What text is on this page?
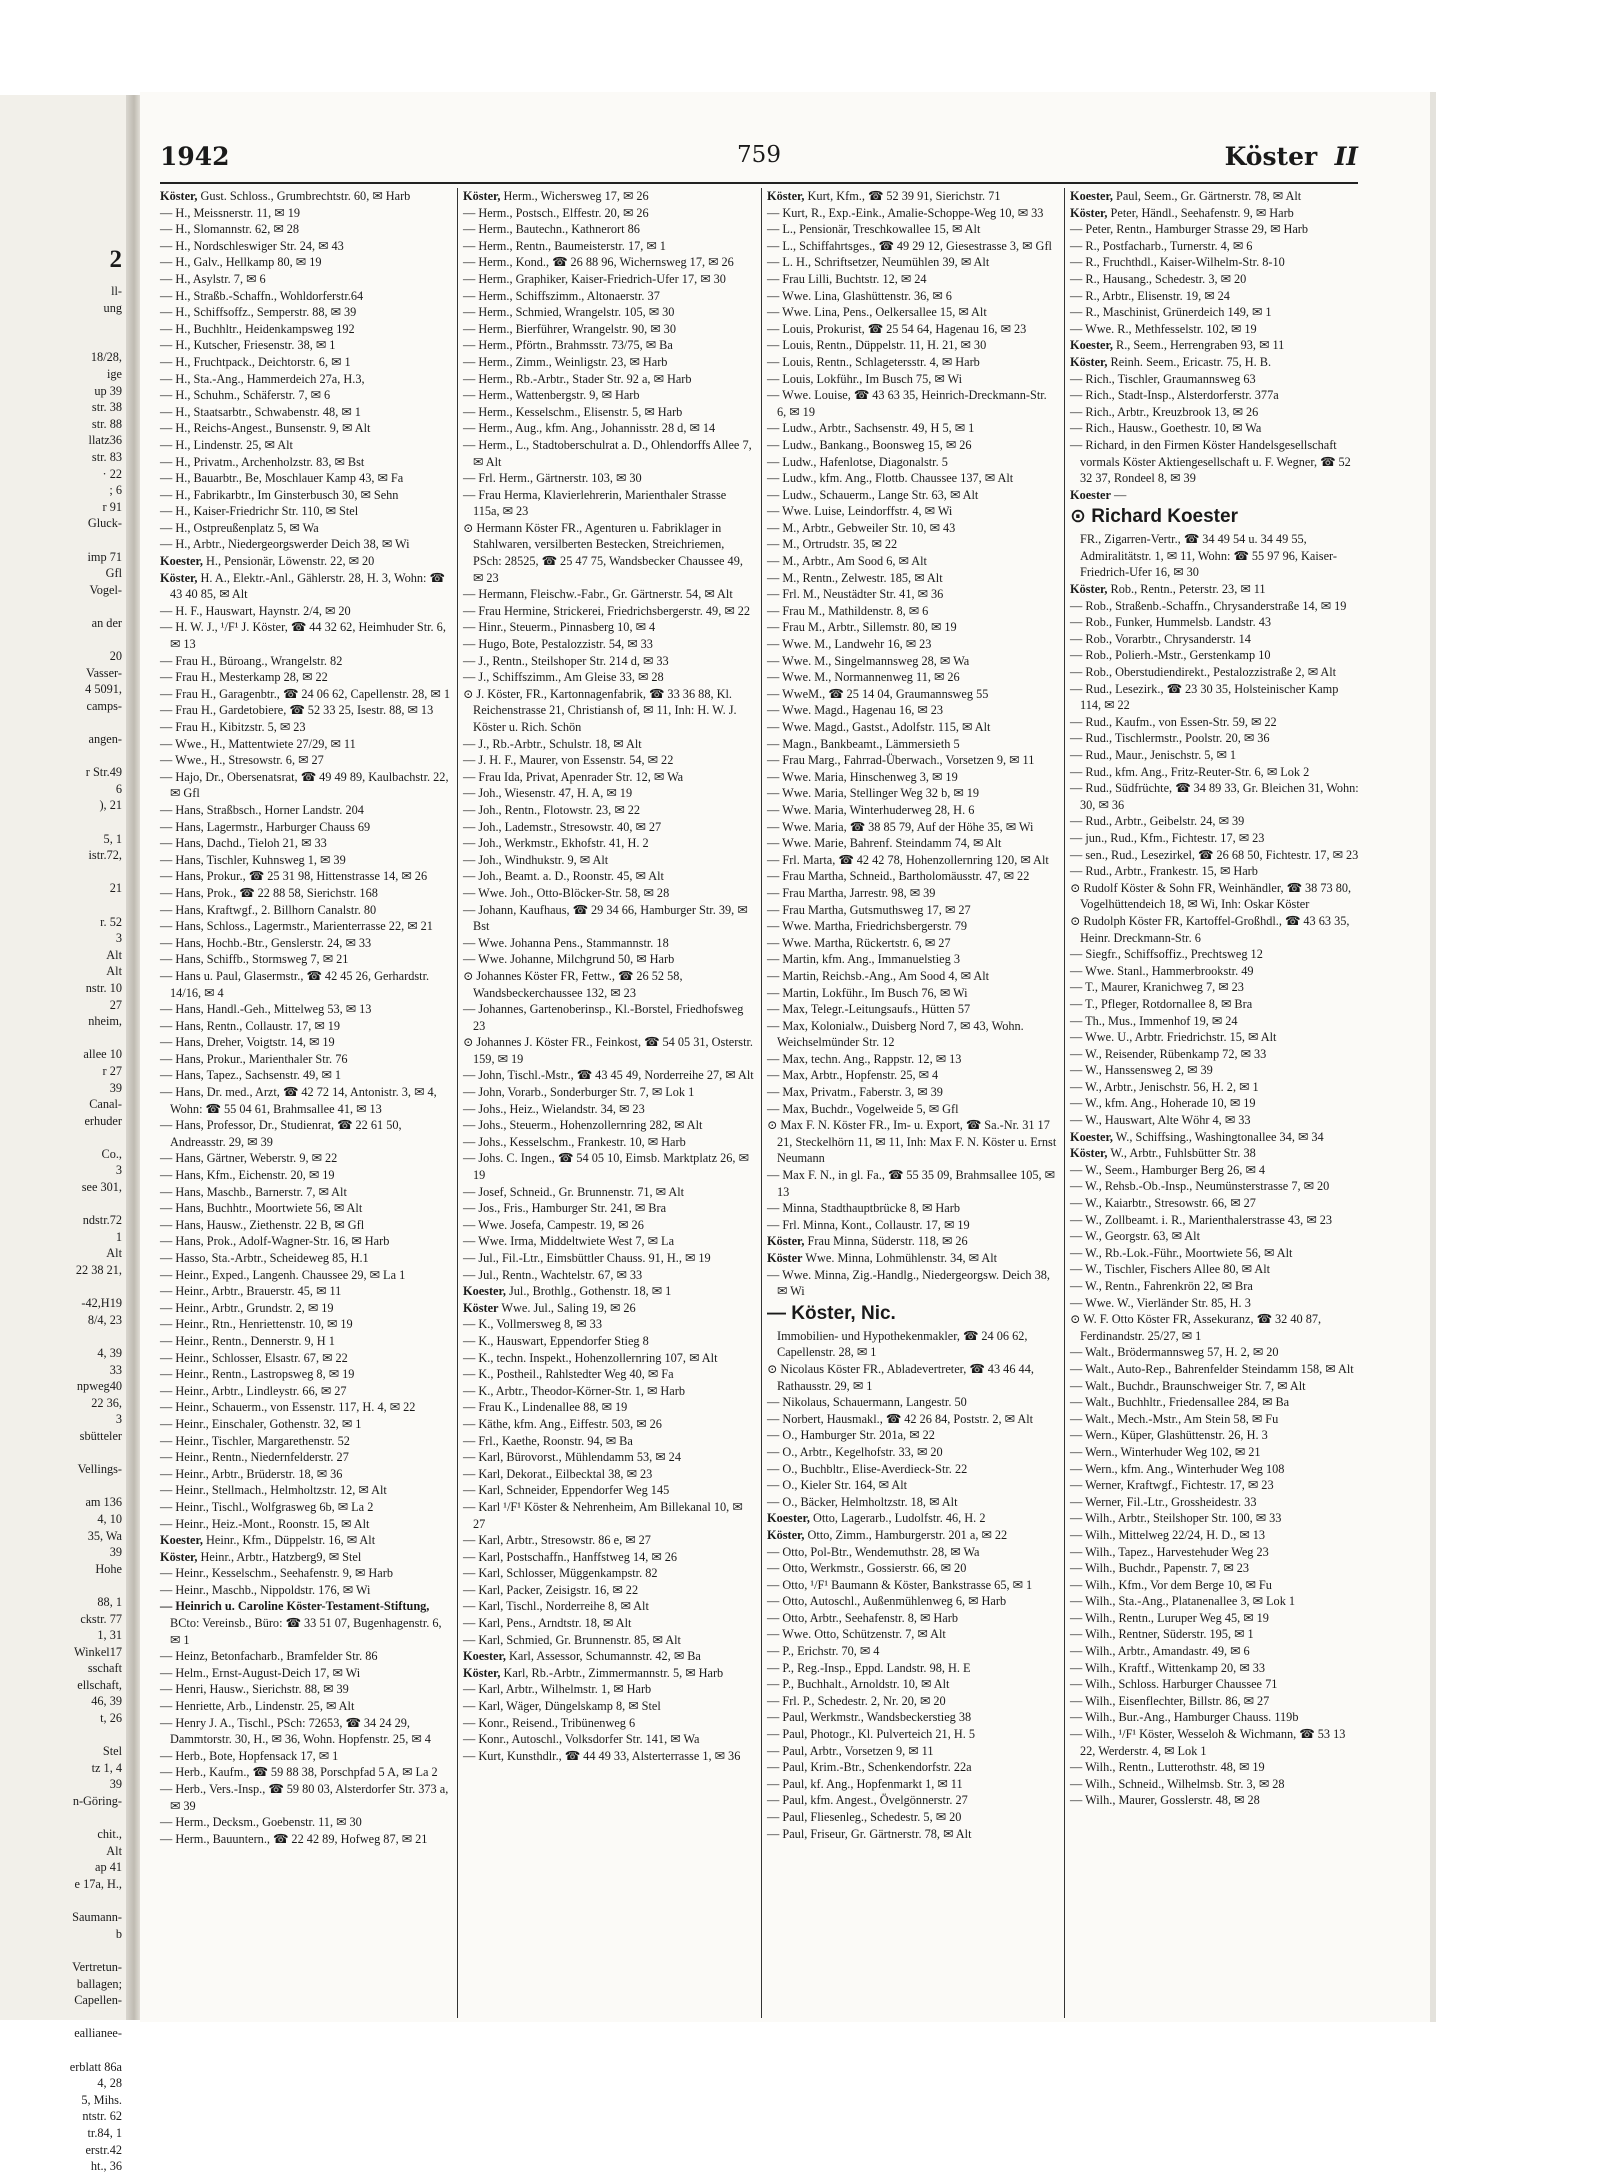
2
ll-
ung

18/28,
ige
up 39
str. 38
str. 88
llatz36
str. 83
· 22
; 6
r 91
Gluck-

imp 71
Gfl
Vogel-

an der

20
Vasser-
4 5091,
camps-

angen-

r Str.49
6
), 21

5, 1
istr.72,

21

r. 52
3
Alt
Alt
nstr. 10
27
nheim,

allee 10
r 27
39
Canal-
erhuder

Co.,
3
see 301,

ndstr.72
1
Alt
22 38 21,

-42,H19
8/4, 23

4, 39
33
npweg40
22 36,
3
sbütteler

Vellings-

am 136
4, 10
35, Wa
39
Hohe

88, 1
ckstr. 77
1, 31
Winkel17
sschaft
ellschaft,
46, 39
t, 26

Stel
tz 1, 4
39
n-Göring-

chit.,
Alt
ap 41
e 17a, H.,

Saumann-
b

Vertretun-
ballagen;
Capellen-

eallianee-

erblatt 86a
4, 28
5, Mihs.
ntstr. 62
tr.84, 1
erstr.42
ht., 36
1942	759	Köster II
Köster, Gust. Schloss., Grumbrechtstr. 60, ✉ Harb
— H., Meissnerstr. 11, ✉ 19
— H., Slomannstr. 62, ✉ 28
— H., Nordschleswiger Str. 24, ✉ 43
— H., Galv., Hellkamp 80, ✉ 19
— H., Asylstr. 7, ✉ 6
— H., Straßb.-Schaffn., Wohldorferstr.64
— H., Schiffsoffz., Semperstr. 88, ✉ 39
— H., Buchhltr., Heidenkampsweg 192
— H., Kutscher, Friesenstr. 38, ✉ 1
— H., Fruchtpack., Deichtorstr. 6, ✉ 1
— H., Sta.-Ang., Hammerdeich 27a, H.3,
— H., Schuhm., Schäferstr. 7, ✉ 6
— H., Staatsarbtr., Schwabenstr. 48, ✉ 1
— H., Reichs-Angest., Bunsenstr. 9, ✉ Alt
— H., Lindenstr. 25, ✉ Alt
— H., Privatm., Archenholzstr. 83, ✉ Bst
— H., Bauarbtr., Be, Moschlauer Kamp 43, ✉ Fa
— H., Fabrikarbtr., Im Ginsterbusch 30, ✉ Sehn
— H., Kaiser-Friedrichr Str. 110, ✉ Stel
— H., Ostpreußenplatz 5, ✉ Wa
— H., Arbtr., Niedergeorgswerder Deich 38, ✉ Wi
Koester, H., Pensionär, Löwenstr. 22, ✉ 20
Köster, H. A., Elektr.-Anl., Gählerstr. 28, H. 3, Wohn: ☎ 43 40 85, ✉ Alt
— H. F., Hauswart, Haynstr. 2/4, ✉ 20
— H. W. J., ¹/F¹ J. Köster, ☎ 44 32 62, Heimhuder Str. 6, ✉ 13
— Frau H., Büroang., Wrangelstr. 82
— Frau H., Mesterkamp 28, ✉ 22
— Frau H., Garagenbtr., ☎ 24 06 62, Capellenstr. 28, ✉ 1
— Frau H., Gardetobiere, ☎ 52 33 25, Isestr. 88, ✉ 13
— Frau H., Kibitzstr. 5, ✉ 23
— Wwe., H., Mattentwiete 27/29, ✉ 11
— Wwe., H., Stresowstr. 6, ✉ 27
— Hajo, Dr., Obersenatsrat, ☎ 49 49 89, Kaulbachstr. 22, ✉ Gfl
— Hans, Straßbsch., Horner Landstr. 204
— Hans, Lagermstr., Harburger Chauss 69
— Hans, Dachd., Tieloh 21, ✉ 33
— Hans, Tischler, Kuhnsweg 1, ✉ 39
— Hans, Prokur., ☎ 25 31 98, Hittenstrasse 14, ✉ 26
— Hans, Prok., ☎ 22 88 58, Sierichstr. 168
— Hans, Kraftwgf., 2. Billhorn Canalstr. 80
— Hans, Schloss., Lagermstr., Marienterrasse 22, ✉ 21
— Hans, Hochb.-Btr., Genslerstr. 24, ✉ 33
— Hans, Schiffb., Stormsweg 7, ✉ 21
— Hans u. Paul, Glasermstr., ☎ 42 45 26, Gerhardstr. 14/16, ✉ 4
— Hans, Handl.-Geh., Mittelweg 53, ✉ 13
— Hans, Rentn., Collaustr. 17, ✉ 19
— Hans, Dreher, Voigtstr. 14, ✉ 19
— Hans, Prokur., Marienthaler Str. 76
— Hans, Tapez., Sachsenstr. 49, ✉ 1
— Hans, Dr. med., Arzt, ☎ 42 72 14, Antonistr. 3, ✉ 4, Wohn: ☎ 55 04 61, Brahmsallee 41, ✉ 13
— Hans, Professor, Dr., Studienrat, ☎ 22 61 50, Andreasstr. 29, ✉ 39
— Hans, Gärtner, Weberstr. 9, ✉ 22
— Hans, Kfm., Eichenstr. 20, ✉ 19
— Hans, Maschb., Barnerstr. 7, ✉ Alt
— Hans, Buchhtr., Moortwiete 56, ✉ Alt
— Hans, Hausw., Ziethenstr. 22 B, ✉ Gfl
— Hans, Prok., Adolf-Wagner-Str. 16, ✉ Harb
— Hasso, Sta.-Arbtr., Scheideweg 85, H.1
— Heinr., Exped., Langenh. Chaussee 29, ✉ La 1
— Heinr., Arbtr., Brauerstr. 45, ✉ 11
— Heinr., Arbtr., Grundstr. 2, ✉ 19
— Heinr., Rtn., Henriettenstr. 10, ✉ 19
— Heinr., Rentn., Dennerstr. 9, H 1
— Heinr., Schlosser, Elsastr. 67, ✉ 22
— Heinr., Rentn., Lastropsweg 8, ✉ 19
— Heinr., Arbtr., Lindleystr. 66, ✉ 27
— Heinr., Schauerm., von Essenstr. 117, H. 4, ✉ 22
— Heinr., Einschaler, Gothenstr. 32, ✉ 1
— Heinr., Tischler, Margarethenstr. 52
— Heinr., Rentn., Niedernfelderstr. 27
— Heinr., Arbtr., Brüderstr. 18, ✉ 36
— Heinr., Stellmach., Helmholtzstr. 12, ✉ Alt
— Heinr., Tischl., Wolfgrasweg 6b, ✉ La 2
— Heinr., Heiz.-Mont., Roonstr. 15, ✉ Alt
Koester, Heinr., Kfm., Düppelstr. 16, ✉ Alt
Köster, Heinr., Arbtr., Hatzberg9, ✉ Stel
— Heinr., Kesselschm., Seehafenstr. 9, ✉ Harb
— Heinr., Maschb., Nippoldstr. 176, ✉ Wi
— Heinrich u. Caroline Köster-Testament-Stiftung,
BCto: Vereinsb., Büro: ☎ 33 51 07, Bugenhagenstr. 6, ✉ 1
— Heinz, Betonfacharb., Bramfelder Str. 86
— Helm., Ernst-August-Deich 17, ✉ Wi
— Henri, Hausw., Sierichstr. 88, ✉ 39
— Henriette, Arb., Lindenstr. 25, ✉ Alt
— Henry J. A., Tischl., PSch: 72653, ☎ 34 24 29, Dammtorstr. 30, H., ✉ 36, Wohn. Hopfenstr. 25, ✉ 4
— Herb., Bote, Hopfensack 17, ✉ 1
— Herb., Kaufm., ☎ 59 88 38, Porschpfad 5 A, ✉ La 2
— Herb., Vers.-Insp., ☎ 59 80 03, Alsterdorfer Str. 373 a, ✉ 39
— Herm., Decksm., Goebenstr. 11, ✉ 30
— Herm., Bauuntern., ☎ 22 42 89, Hofweg 87, ✉ 21
Köster, Herm., Wichersweg 17, ✉ 26
— Herm., Postsch., Elffestr. 20, ✉ 26
— Herm., Bautechn., Kathnerort 86
— Herm., Rentn., Baumeisterstr. 17, ✉ 1
— Herm., Kond., ☎ 26 88 96, Wichernsweg 17, ✉ 26
— Herm., Graphiker, Kaiser-Friedrich-Ufer 17, ✉ 30
— Herm., Schiffszimm., Altonaerstr. 37
— Herm., Schmied, Wrangelstr. 105, ✉ 30
— Herm., Bierführer, Wrangelstr. 90, ✉ 30
— Herm., Pförtn., Brahmsstr. 73/75, ✉ Ba
— Herm., Zimm., Weinligstr. 23, ✉ Harb
— Herm., Rb.-Arbtr., Stader Str. 92 a, ✉ Harb
— Herm., Wattenbergstr. 9, ✉ Harb
— Herm., Kesselschm., Elisenstr. 5, ✉ Harb
— Herm., Aug., kfm. Ang., Johannisstr. 28 d, ✉ 14
— Herm., L., Stadtoberschulrat a. D., Ohlendorffs Allee 7, ✉ Alt
— Frl. Herm., Gärtnerstr. 103, ✉ 30
— Frau Herma, Klavierlehrerin, Marienthaler Strasse 115a, ✉ 23
⊙ Hermann Köster FR., Agenturen u. Fabriklager in Stahlwaren, versilberten Bestecken, Streichriemen, PSch: 28525, ☎ 25 47 75, Wandsbecker Chaussee 49, ✉ 23
— Hermann, Fleischw.-Fabr., Gr. Gärtnerstr. 54, ✉ Alt
— Frau Hermine, Strickerei, Friedrichsbergerstr. 49, ✉ 22
— Hinr., Steuerm., Pinnasberg 10, ✉ 4
— Hugo, Bote, Pestalozzistr. 54, ✉ 33
— J., Rentn., Steilshoper Str. 214 d, ✉ 33
— J., Schiffszimm., Am Gleise 33, ✉ 28
⊙ J. Köster, FR., Kartonnagenfabrik, ☎ 33 36 88, Kl. Reichenstrasse 21, Christiansh of, ✉ 11, Inh: H. W. J. Köster u. Rich. Schön
— J., Rb.-Arbtr., Schulstr. 18, ✉ Alt
— J. H. F., Maurer, von Essenstr. 54, ✉ 22
— Frau Ida, Privat, Apenrader Str. 12, ✉ Wa
— Joh., Wiesenstr. 47, H. A, ✉ 19
— Joh., Rentn., Flotowstr. 23, ✉ 22
— Joh., Lademstr., Stresowstr. 40, ✉ 27
— Joh., Werkmstr., Ekhofstr. 41, H. 2
— Joh., Windhukstr. 9, ✉ Alt
— Joh., Beamt. a. D., Roonstr. 45, ✉ Alt
— Wwe. Joh., Otto-Blöcker-Str. 58, ✉ 28
— Johann, Kaufhaus, ☎ 29 34 66, Hamburger Str. 39, ✉ Bst
— Wwe. Johanna Pens., Stammannstr. 18
— Wwe. Johanne, Milchgrund 50, ✉ Harb
⊙ Johannes Köster FR, Fettw., ☎ 26 52 58, Wandsbeckerchaussee 132, ✉ 23
— Johannes, Gartenoberinsp., Kl.-Borstel, Friedhofsweg 23
⊙ Johannes J. Köster FR., Feinkost, ☎ 54 05 31, Osterstr. 159, ✉ 19
— John, Tischl.-Mstr., ☎ 43 45 49, Norderreihe 27, ✉ Alt
— John, Vorarb., Sonderburger Str. 7, ✉ Lok 1
— Johs., Heiz., Wielandstr. 34, ✉ 23
— Johs., Steuerm., Hohenzollernring 282, ✉ Alt
— Johs., Kesselschm., Frankestr. 10, ✉ Harb
— Johs. C. Ingen., ☎ 54 05 10, Eimsb. Marktplatz 26, ✉ 19
— Josef, Schneid., Gr. Brunnenstr. 71, ✉ Alt
— Jos., Fris., Hamburger Str. 241, ✉ Bra
— Wwe. Josefa, Campestr. 19, ✉ 26
— Wwe. Irma, Middeltwiete West 7, ✉ La
— Jul., Fil.-Ltr., Eimsbüttler Chauss. 91, H., ✉ 19
— Jul., Rentn., Wachtelstr. 67, ✉ 33
Koester, Jul., Brothlg., Gothenstr. 18, ✉ 1
Köster Wwe. Jul., Saling 19, ✉ 26
— K., Vollmersweg 8, ✉ 33
— K., Hauswart, Eppendorfer Stieg 8
— K., techn. Inspekt., Hohenzollernring 107, ✉ Alt
— K., Postheil., Rahlstedter Weg 40, ✉ Fa
— K., Arbtr., Theodor-Körner-Str. 1, ✉ Harb
— Frau K., Lindenallee 88, ✉ 19
— Käthe, kfm. Ang., Eiffestr. 503, ✉ 26
— Frl., Kaethe, Roonstr. 94, ✉ Ba
— Karl, Bürovorst., Mühlendamm 53, ✉ 24
— Karl, Dekorat., Eilbecktal 38, ✉ 23
— Karl, Schneider, Eppendorfer Weg 145
— Karl ¹/F¹ Köster & Nehrenheim, Am Billekanal 10, ✉ 27
— Karl, Arbtr., Stresowstr. 86 e, ✉ 27
— Karl, Postschaffn., Hanffstweg 14, ✉ 26
— Karl, Schlosser, Müggenkampstr. 82
— Karl, Packer, Zeisigstr. 16, ✉ 22
— Karl, Tischl., Norderreihe 8, ✉ Alt
— Karl, Pens., Arndtstr. 18, ✉ Alt
— Karl, Schmied, Gr. Brunnenstr. 85, ✉ Alt
Koester, Karl, Assessor, Schumannstr. 42, ✉ Ba
Köster, Karl, Rb.-Arbtr., Zimmermannstr. 5, ✉ Harb
— Karl, Arbtr., Wilhelmstr. 1, ✉ Harb
— Karl, Wäger, Düngelskamp 8, ✉ Stel
— Konr., Reisend., Tribünenweg 6
— Konr., Autoschl., Volksdorfer Str. 141, ✉ Wa
— Kurt, Kunsthdlr., ☎ 44 49 33, Alsterterrasse 1, ✉ 36
Köster, Kurt, Kfm., ☎ 52 39 91, Sierichstr. 71
— Kurt, R., Exp.-Eink., Amalie-Schoppe-Weg 10, ✉ 33
— L., Pensionär, Treschkowallee 15, ✉ Alt
— L., Schiffahrtsges., ☎ 49 29 12, Giesestrasse 3, ✉ Gfl
— L. H., Schriftsetzer, Neumühlen 39, ✉ Alt
— Frau Lilli, Buchtstr. 12, ✉ 24
— Wwe. Lina, Glashüttenstr. 36, ✉ 6
— Wwe. Lina, Pens., Oelkersallee 15, ✉ Alt
— Louis, Prokurist, ☎ 25 54 64, Hagenau 16, ✉ 23
— Louis, Rentn., Düppelstr. 11, H. 21, ✉ 30
— Louis, Rentn., Schlagetersstr. 4, ✉ Harb
— Louis, Lokführ., Im Busch 75, ✉ Wi
— Wwe. Louise, ☎ 43 63 35, Heinrich-Dreckmann-Str. 6, ✉ 19
— Ludw., Arbtr., Sachsenstr. 49, H 5, ✉ 1
— Ludw., Bankang., Boonsweg 15, ✉ 26
— Ludw., Hafenlotse, Diagonalstr. 5
— Ludw., kfm. Ang., Flottb. Chaussee 137, ✉ Alt
— Ludw., Schauerm., Lange Str. 63, ✉ Alt
— Wwe. Luise, Leindorffstr. 4, ✉ Wi
— M., Arbtr., Gebweiler Str. 10, ✉ 43
— M., Ortrudstr. 35, ✉ 22
— M., Arbtr., Am Sood 6, ✉ Alt
— M., Rentn., Zelwestr. 185, ✉ Alt
— Frl. M., Neustädter Str. 41, ✉ 36
— Frau M., Mathildenstr. 8, ✉ 6
— Frau M., Arbtr., Sillemstr. 80, ✉ 19
— Wwe. M., Landwehr 16, ✉ 23
— Wwe. M., Singelmannsweg 28, ✉ Wa
— Wwe. M., Normannenweg 11, ✉ 26
— WweM., ☎ 25 14 04, Graumannsweg 55
— Wwe. Magd., Hagenau 16, ✉ 23
— Wwe. Magd., Gastst., Adolfstr. 115, ✉ Alt
— Magn., Bankbeamt., Lämmersieth 5
— Frau Marg., Fahrrad-Überwach., Vorsetzen 9, ✉ 11
— Wwe. Maria, Hinschenweg 3, ✉ 19
— Wwe. Maria, Stellinger Weg 32 b, ✉ 19
— Wwe. Maria, Winterhuderweg 28, H. 6
— Wwe. Maria, ☎ 38 85 79, Auf der Höhe 35, ✉ Wi
— Wwe. Marie, Bahrenf. Steindamm 74, ✉ Alt
— Frl. Marta, ☎ 42 42 78, Hohenzollernring 120, ✉ Alt
— Frau Martha, Schneid., Bartholomäusstr. 47, ✉ 22
— Frau Martha, Jarrestr. 98, ✉ 39
— Frau Martha, Gutsmuthsweg 17, ✉ 27
— Wwe. Martha, Friedrichsbergerstr. 79
— Wwe. Martha, Rückertstr. 6, ✉ 27
— Martin, kfm. Ang., Immanuelstieg 3
— Martin, Reichsb.-Ang., Am Sood 4, ✉ Alt
— Martin, Lokführ., Im Busch 76, ✉ Wi
— Max, Telegr.-Leitungsaufs., Hütten 57
— Max, Kolonialw., Duisberg Nord 7, ✉ 43, Wohn. Weichselmünder Str. 12
— Max, techn. Ang., Rappstr. 12, ✉ 13
— Max, Arbtr., Hopfenstr. 25, ✉ 4
— Max, Privatm., Faberstr. 3, ✉ 39
— Max, Buchdr., Vogelweide 5, ✉ Gfl
⊙ Max F. N. Köster FR., Im- u. Export, ☎ Sa.-Nr. 31 17 21, Steckelhörn 11, ✉ 11, Inh: Max F. N. Köster u. Ernst Neumann
— Max F. N., in gl. Fa., ☎ 55 35 09, Brahmsallee 105, ✉ 13
— Minna, Stadthauptbrücke 8, ✉ Harb
— Frl. Minna, Kont., Collaustr. 17, ✉ 19
Köster, Frau Minna, Süderstr. 118, ✉ 26
Köster Wwe. Minna, Lohmühlenstr. 34, ✉ Alt
— Wwe. Minna, Zig.-Handlg., Niedergeorgsw. Deich 38, ✉ Wi
— Köster, Nic.
Immobilien- und Hypothekenmakler, ☎ 24 06 62, Capellenstr. 28, ✉ 1
⊙ Nicolaus Köster FR., Abladevertreter, ☎ 43 46 44, Rathausstr. 29, ✉ 1
— Nikolaus, Schauermann, Langestr. 50
— Norbert, Hausmakl., ☎ 42 26 84, Poststr. 2, ✉ Alt
— O., Hamburger Str. 201a, ✉ 22
— O., Arbtr., Kegelhofstr. 33, ✉ 20
— O., Buchbltr., Elise-Averdieck-Str. 22
— O., Kieler Str. 164, ✉ Alt
— O., Bäcker, Helmholtzstr. 18, ✉ Alt
Koester, Otto, Lagerarb., Ludolfstr. 46, H. 2
Köster, Otto, Zimm., Hamburgerstr. 201 a, ✉ 22
— Otto, Pol-Btr., Wendemuthstr. 28, ✉ Wa
— Otto, Werkmstr., Gossierstr. 66, ✉ 20
— Otto, ¹/F¹ Baumann & Köster, Bankstrasse 65, ✉ 1
— Otto, Autoschl., Außenmühlenweg 6, ✉ Harb
— Otto, Arbtr., Seehafenstr. 8, ✉ Harb
— Wwe. Otto, Schützenstr. 7, ✉ Alt
— P., Erichstr. 70, ✉ 4
— P., Reg.-Insp., Eppd. Landstr. 98, H. E
— P., Buchhalt., Arnoldstr. 10, ✉ Alt
— Frl. P., Schedestr. 2, Nr. 20, ✉ 20
— Paul, Werkmstr., Wandsbeckerstieg 38
— Paul, Photogr., Kl. Pulverteich 21, H. 5
— Paul, Arbtr., Vorsetzen 9, ✉ 11
— Paul, Krim.-Btr., Schenkendorfstr. 22a
— Paul, kf. Ang., Hopfenmarkt 1, ✉ 11
— Paul, kfm. Angest., Övelgönnerstr. 27
— Paul, Fliesenleg., Schedestr. 5, ✉ 20
— Paul, Friseur, Gr. Gärtnerstr. 78, ✉ Alt
Koester, Paul, Seem., Gr. Gärtnerstr. 78, ✉ Alt
Köster, Peter, Händl., Seehafenstr. 9, ✉ Harb
— Peter, Rentn., Hamburger Strasse 29, ✉ Harb
— R., Postfacharb., Turnerstr. 4, ✉ 6
— R., Fruchthdl., Kaiser-Wilhelm-Str. 8-10
— R., Hausang., Schedestr. 3, ✉ 20
— R., Arbtr., Elisenstr. 19, ✉ 24
— R., Maschinist, Grünerdeich 149, ✉ 1
— Wwe. R., Methfesselstr. 102, ✉ 19
Koester, R., Seem., Herrengraben 93, ✉ 11
Köster, Reinh. Seem., Ericastr. 75, H. B.
— Rich., Tischler, Graumannsweg 63
— Rich., Stadt-Insp., Alsterdorferstr. 377a
— Rich., Arbtr., Kreuzbrook 13, ✉ 26
— Rich., Hausw., Goethestr. 10, ✉ Wa
— Richard, in den Firmen Köster Handelsgesellschaft vormals Köster Aktiengesellschaft u. F. Wegner, ☎ 52 32 37, Rondeel 8, ✉ 39
Koester —
⊙ Richard Koester
FR., Zigarren-Vertr., ☎ 34 49 54 u. 34 49 55, Admiralitätstr. 1, ✉ 11, Wohn: ☎ 55 97 96, Kaiser-Friedrich-Ufer 16, ✉ 30
Köster, Rob., Rentn., Peterstr. 23, ✉ 11
— Rob., Straßenb.-Schaffn., Chrysanderstraße 14, ✉ 19
— Rob., Funker, Hummelsb. Landstr. 43
— Rob., Vorarbtr., Chrysanderstr. 14
— Rob., Polierh.-Mstr., Gerstenkamp 10
— Rob., Oberstudiendirekt., Pestalozzistraße 2, ✉ Alt
— Rud., Lesezirk., ☎ 23 30 35, Holsteinischer Kamp 114, ✉ 22
— Rud., Kaufm., von Essen-Str. 59, ✉ 22
— Rud., Tischlermstr., Poolstr. 20, ✉ 36
— Rud., Maur., Jenischstr. 5, ✉ 1
— Rud., kfm. Ang., Fritz-Reuter-Str. 6, ✉ Lok 2
— Rud., Südfrüchte, ☎ 34 89 33, Gr. Bleichen 31, Wohn: 30, ✉ 36
— Rud., Arbtr., Geibelstr. 24, ✉ 39
— jun., Rud., Kfm., Fichtestr. 17, ✉ 23
— sen., Rud., Lesezirkel, ☎ 26 68 50, Fichtestr. 17, ✉ 23
— Rud., Arbtr., Frankestr. 15, ✉ Harb
⊙ Rudolf Köster & Sohn FR, Weinhändler, ☎ 38 73 80, Vogelhüttendeich 18, ✉ Wi, Inh: Oskar Köster
⊙ Rudolph Köster FR, Kartoffel-Großhdl., ☎ 43 63 35, Heinr. Dreckmann-Str. 6
— Siegfr., Schiffsoffiz., Prechtsweg 12
— Wwe. Stanl., Hammerbrookstr. 49
— T., Maurer, Kranichweg 7, ✉ 23
— T., Pfleger, Rotdornallee 8, ✉ Bra
— Th., Mus., Immenhof 19, ✉ 24
— Wwe. U., Arbtr. Friedrichstr. 15, ✉ Alt
— W., Reisender, Rübenkamp 72, ✉ 33
— W., Hanssensweg 2, ✉ 39
— W., Arbtr., Jenischstr. 56, H. 2, ✉ 1
— W., kfm. Ang., Hoherade 10, ✉ 19
— W., Hauswart, Alte Wöhr 4, ✉ 33
Koester, W., Schiffsing., Washingtonallee 34, ✉ 34
Köster, W., Arbtr., Fuhlsbütter Str. 38
— W., Seem., Hamburger Berg 26, ✉ 4
— W., Rehsb.-Ob.-Insp., Neumünsterstrasse 7, ✉ 20
— W., Kaiarbtr., Stresowstr. 66, ✉ 27
— W., Zollbeamt. i. R., Marienthalerstrasse 43, ✉ 23
— W., Georgstr. 63, ✉ Alt
— W., Rb.-Lok.-Führ., Moortwiete 56, ✉ Alt
— W., Tischler, Fischers Allee 80, ✉ Alt
— W., Rentn., Fahrenkrön 22, ✉ Bra
— Wwe. W., Vierländer Str. 85, H. 3
⊙ W. F. Otto Köster FR, Assekuranz, ☎ 32 40 87, Ferdinandstr. 25/27, ✉ 1
— Walt., Brödermannsweg 57, H. 2, ✉ 20
— Walt., Auto-Rep., Bahrenfelder Steindamm 158, ✉ Alt
— Walt., Buchdr., Braunschweiger Str. 7, ✉ Alt
— Walt., Buchhltr., Friedensallee 284, ✉ Ba
— Walt., Mech.-Mstr., Am Stein 58, ✉ Fu
— Wern., Küper, Glashüttenstr. 26, H. 3
— Wern., Winterhuder Weg 102, ✉ 21
— Wern., kfm. Ang., Winterhuder Weg 108
— Werner, Kraftwgf., Fichtestr. 17, ✉ 23
— Werner, Fil.-Ltr., Grossheidestr. 33
— Wilh., Arbtr., Steilshoper Str. 100, ✉ 33
— Wilh., Mittelweg 22/24, H. D., ✉ 13
— Wilh., Tapez., Harvestehuder Weg 23
— Wilh., Buchdr., Papenstr. 7, ✉ 23
— Wilh., Kfm., Vor dem Berge 10, ✉ Fu
— Wilh., Sta.-Ang., Platanenallee 3, ✉ Lok 1
— Wilh., Rentn., Luruper Weg 45, ✉ 19
— Wilh., Rentner, Süderstr. 195, ✉ 1
— Wilh., Arbtr., Amandastr. 49, ✉ 6
— Wilh., Kraftf., Wittenkamp 20, ✉ 33
— Wilh., Schloss. Harburger Chaussee 71
— Wilh., Eisenflechter, Billstr. 86, ✉ 27
— Wilh., Bur.-Ang., Hamburger Chauss. 119b
— Wilh., ¹/F¹ Köster, Wesseloh & Wichmann, ☎ 53 13 22, Werderstr. 4, ✉ Lok 1
— Wilh., Rentn., Lutterothstr. 48, ✉ 19
— Wilh., Schneid., Wilhelmsb. Str. 3, ✉ 28
— Wilh., Maurer, Gosslerstr. 48, ✉ 28
